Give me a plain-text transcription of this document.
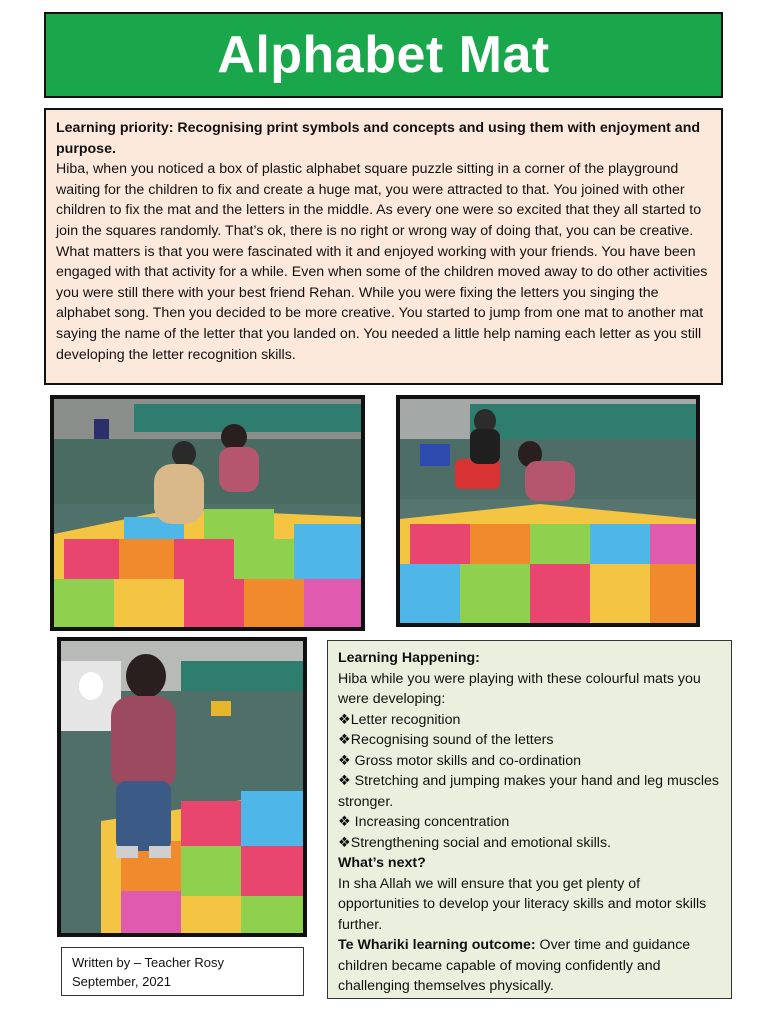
Alphabet Mat
Learning priority: Recognising print symbols and concepts and using them with enjoyment and purpose.
Hiba, when you noticed a box of plastic alphabet square puzzle sitting in a corner of the playground waiting for the children to fix and create a huge mat, you were attracted to that. You joined with other children to fix the mat and the letters in the middle. As every one were so excited that they all started to join the squares randomly. That’s ok, there is no right or wrong way of doing that, you can be creative. What matters is that you were fascinated with it and enjoyed working with your friends. You have been engaged with that activity for a while. Even when some of the children moved away to do other activities you were still there with your best friend Rehan. While you were fixing the letters you singing the alphabet song. Then you decided to be more creative. You started to jump from one mat to another mat saying the name of the letter that you landed on. You needed a little help naming each letter as you still developing the letter recognition skills.
Learning Happening:
Hiba while you were playing with these colourful mats you were developing:
❖Letter recognition
❖Recognising sound of the letters
❖ Gross motor skills and co-ordination
❖ Stretching and jumping makes your hand and leg muscles stronger.
❖ Increasing concentration
❖Strengthening social and emotional skills.
What’s next?
In sha Allah we will ensure that you get plenty of opportunities to develop your literacy skills and motor skills further.
Te Whariki learning outcome: Over time and guidance children became capable of moving confidently and challenging themselves physically.
Written by – Teacher Rosy
September, 2021
